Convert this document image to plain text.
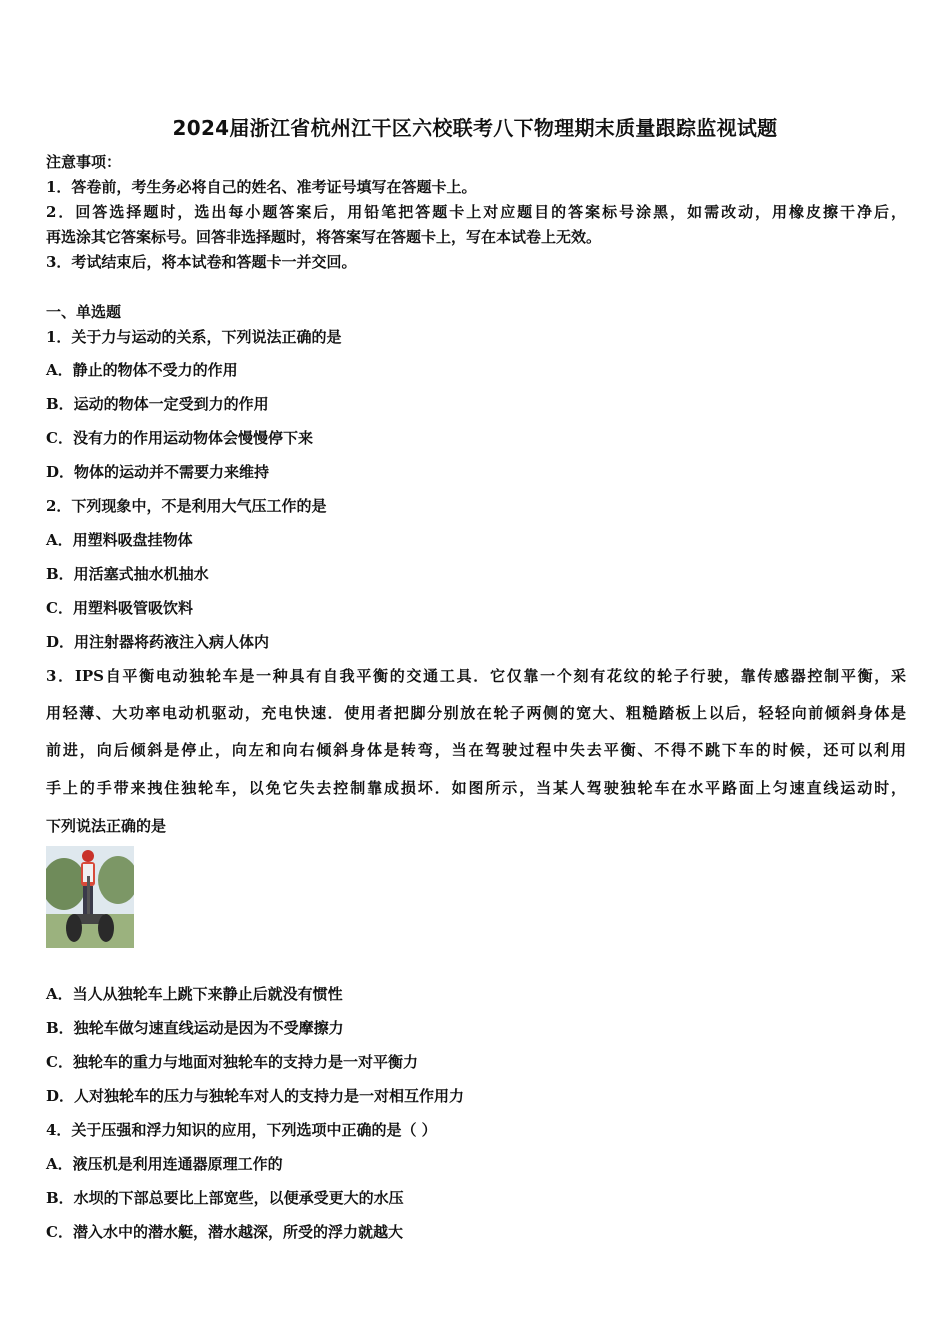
2024届浙江省杭州江干区六校联考八下物理期末质量跟踪监视试题
注意事项：
1．答卷前，考生务必将自己的姓名、准考证号填写在答题卡上。
2．回答选择题时，选出每小题答案后，用铅笔把答题卡上对应题目的答案标号涂黑，如需改动，用橡皮擦干净后，
再选涂其它答案标号。回答非选择题时，将答案写在答题卡上，写在本试卷上无效。
3．考试结束后，将本试卷和答题卡一并交回。
一、单选题
1．关于力与运动的关系，下列说法正确的是
A．静止的物体不受力的作用
B．运动的物体一定受到力的作用
C．没有力的作用运动物体会慢慢停下来
D．物体的运动并不需要力来维持
2．下列现象中，不是利用大气压工作的是
A．用塑料吸盘挂物体
B．用活塞式抽水机抽水
C．用塑料吸管吸饮料
D．用注射器将药液注入病人体内
3．IPS自平衡电动独轮车是一种具有自我平衡的交通工具．它仅靠一个刻有花纹的轮子行驶，靠传感器控制平衡，采
用轻薄、大功率电动机驱动，充电快速．使用者把脚分别放在轮子两侧的宽大、粗糙踏板上以后，轻轻向前倾斜身体是
前进，向后倾斜是停止，向左和向右倾斜身体是转弯，当在驾驶过程中失去平衡、不得不跳下车的时候，还可以利用
手上的手带来拽住独轮车，以免它失去控制靠成损坏．如图所示，当某人驾驶独轮车在水平路面上匀速直线运动时，
下列说法正确的是
A．当人从独轮车上跳下来静止后就没有惯性
B．独轮车做匀速直线运动是因为不受摩擦力
C．独轮车的重力与地面对独轮车的支持力是一对平衡力
D．人对独轮车的压力与独轮车对人的支持力是一对相互作用力
4．关于压强和浮力知识的应用，下列选项中正确的是（ ）
A．液压机是利用连通器原理工作的
B．水坝的下部总要比上部宽些，以便承受更大的水压
C．潜入水中的潜水艇，潜水越深，所受的浮力就越大
